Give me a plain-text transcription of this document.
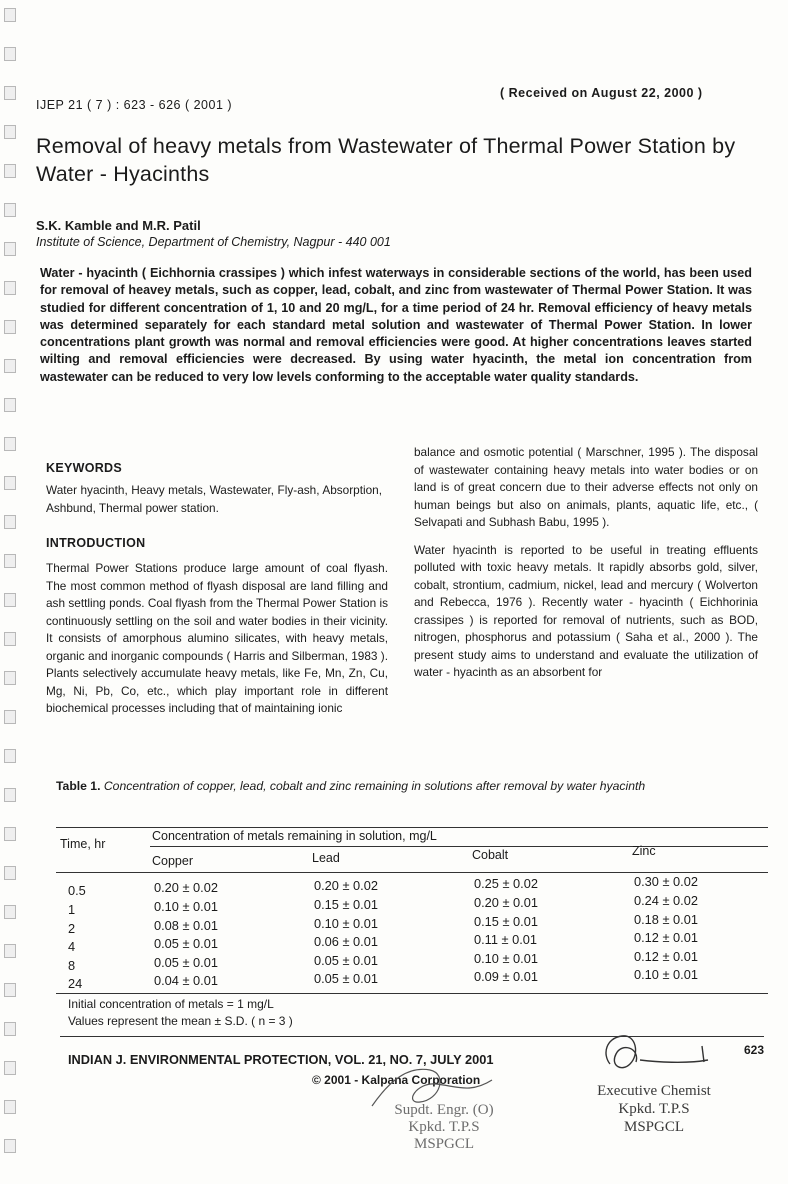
IJEP 21 ( 7 ) : 623 - 626 ( 2001 )
( Received on August 22, 2000 )
Removal of heavy metals from Wastewater of Thermal Power Station by Water - Hyacinths
S.K. Kamble and M.R. Patil
Institute of Science, Department of Chemistry, Nagpur - 440 001
Water - hyacinth ( Eichhornia crassipes ) which infest waterways in considerable sections of the world, has been used for removal of heavey metals, such as copper, lead, cobalt, and zinc from wastewater of Thermal Power Station. It was studied for different concentration of 1, 10 and 20 mg/L, for a time period of 24 hr. Removal efficiency of heavy metals was determined separately for each standard metal solution and wastewater of Thermal Power Station. In lower concentrations plant growth was normal and removal efficiencies were good. At higher concentrations leaves started wilting and removal efficiencies were decreased. By using water hyacinth, the metal ion concentration from wastewater can be reduced to very low levels conforming to the acceptable water quality standards.
KEYWORDS
Water hyacinth, Heavy metals, Wastewater, Fly-ash, Absorption, Ashbund, Thermal power station.
INTRODUCTION
Thermal Power Stations produce large amount of coal flyash. The most common method of flyash disposal are land filling and ash settling ponds. Coal flyash from the Thermal Power Station is continuously settling on the soil and water bodies in their vicinity. It consists of amorphous alumino silicates, with heavy metals, organic and inorganic compounds ( Harris and Silberman, 1983 ). Plants selectively accumulate heavy metals, like Fe, Mn, Zn, Cu, Mg, Ni, Pb, Co, etc., which play important role in different biochemical processes including that of maintaining ionic

balance and osmotic potential ( Marschner, 1995 ). The disposal of wastewater containing heavy metals into water bodies or on land is of great concern due to their adverse effects not only on human beings but also on animals, plants, aquatic life, etc., ( Selvapati and Subhash Babu, 1995 ).

Water hyacinth is reported to be useful in treating effluents polluted with toxic heavy metals. It rapidly absorbs gold, silver, cobalt, strontium, cadmium, nickel, lead and mercury ( Wolverton and Rebecca, 1976 ). Recently water - hyacinth ( Eichhorinia crassipes ) is reported for removal of nutrients, such as BOD, nitrogen, phosphorus and potassium ( Saha et al., 2000 ). The present study aims to understand and evaluate the utilization of water - hyacinth as an absorbent for

Table 1. Concentration of copper, lead, cobalt and zinc remaining in solutions after removal by water hyacinth
Time, hr
Concentration of metals remaining in solution, mg/L
Copper	Lead	Cobalt	Zinc
0.5	0.20 ± 0.02	0.20 ± 0.02	0.25 ± 0.02	0.30 ± 0.02
1	0.10 ± 0.01	0.15 ± 0.01	0.20 ± 0.01	0.24 ± 0.02
2	0.08 ± 0.01	0.10 ± 0.01	0.15 ± 0.01	0.18 ± 0.01
4	0.05 ± 0.01	0.06 ± 0.01	0.11 ± 0.01	0.12 ± 0.01
8	0.05 ± 0.01	0.05 ± 0.01	0.10 ± 0.01	0.12 ± 0.01
24	0.04 ± 0.01	0.05 ± 0.01	0.09 ± 0.01	0.10 ± 0.01
Initial concentration of metals = 1 mg/L
Values represent the mean ± S.D. ( n = 3 )
INDIAN J. ENVIRONMENTAL PROTECTION, VOL. 21, NO. 7, JULY 2001
623
© 2001 - Kalpana Corporation
Supdt. Engr. (O)
Kpkd. T.P.S
MSPGCL
Executive Chemist
Kpkd. T.P.S
MSPGCL
